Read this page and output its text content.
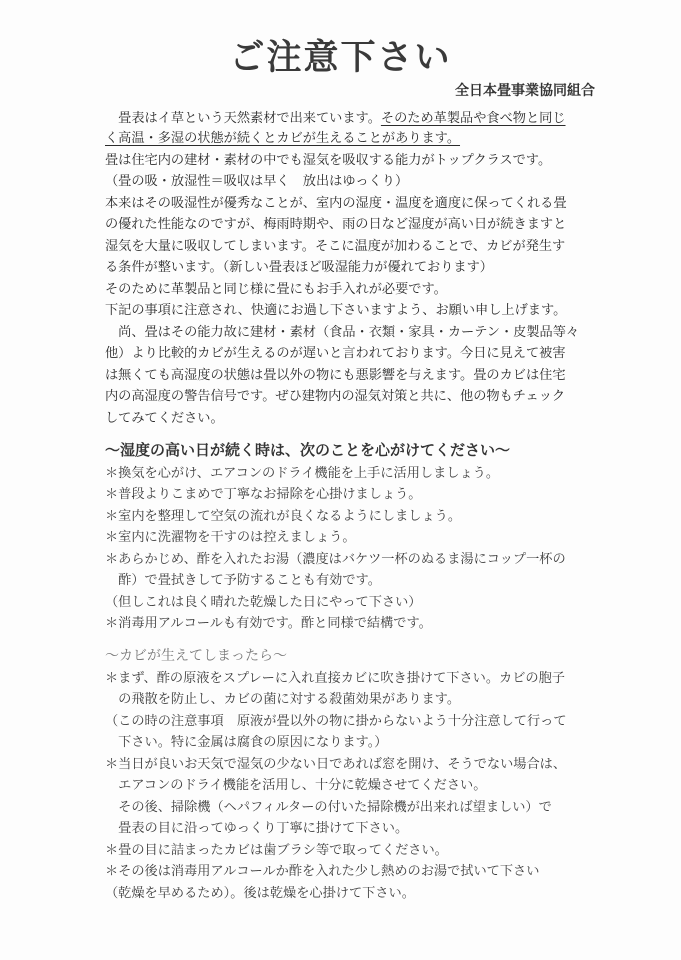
ご注意下さい
全日本畳事業協同組合
　畳表はイ草という天然素材で出来ています。そのため革製品や食べ物と同じ
く高温・多湿の状態が続くとカビが生えることがあります。
畳は住宅内の建材・素材の中でも湿気を吸収する能力がトップクラスです。
（畳の吸・放湿性＝吸収は早く　放出はゆっくり）
本来はその吸湿性が優秀なことが、室内の湿度・温度を適度に保ってくれる畳
の優れた性能なのですが、梅雨時期や、雨の日など湿度が高い日が続きますと
湿気を大量に吸収してしまいます。そこに温度が加わることで、カビが発生す
る条件が整います。（新しい畳表ほど吸湿能力が優れております）
そのために革製品と同じ様に畳にもお手入れが必要です。
下記の事項に注意され、快適にお過し下さいますよう、お願い申し上げます。
　尚、畳はその能力故に建材・素材（食品・衣類・家具・カーテン・皮製品等々
他）より比較的カビが生えるのが遅いと言われております。今日に見えて被害
は無くても高湿度の状態は畳以外の物にも悪影響を与えます。畳のカビは住宅
内の高湿度の警告信号です。ぜひ建物内の湿気対策と共に、他の物もチェック
してみてください。
～湿度の高い日が続く時は、次のことを心がけてください～
＊換気を心がけ、エアコンのドライ機能を上手に活用しましょう。
＊普段よりこまめで丁寧なお掃除を心掛けましょう。
＊室内を整理して空気の流れが良くなるようにしましょう。
＊室内に洗濯物を干すのは控えましょう。
＊あらかじめ、酢を入れたお湯（濃度はバケツ一杯のぬるま湯にコップ一杯の
　酢）で畳拭きして予防することも有効です。
（但しこれは良く晴れた乾燥した日にやって下さい）
＊消毒用アルコールも有効です。酢と同様で結構です。
～カビが生えてしまったら～
＊まず、酢の原液をスプレーに入れ直接カビに吹き掛けて下さい。カビの胞子
　の飛散を防止し、カビの菌に対する殺菌効果があります。
（この時の注意事項　原液が畳以外の物に掛からないよう十分注意して行って
　下さい。特に金属は腐食の原因になります。）
＊当日が良いお天気で湿気の少ない日であれば窓を開け、そうでない場合は、
　エアコンのドライ機能を活用し、十分に乾燥させてください。
　その後、掃除機（ヘパフィルターの付いた掃除機が出来れば望ましい）で
　畳表の目に沿ってゆっくり丁寧に掛けて下さい。
＊畳の目に詰まったカビは歯ブラシ等で取ってください。
＊その後は消毒用アルコールか酢を入れた少し熱めのお湯で拭いて下さい
（乾燥を早めるため）。後は乾燥を心掛けて下さい。
